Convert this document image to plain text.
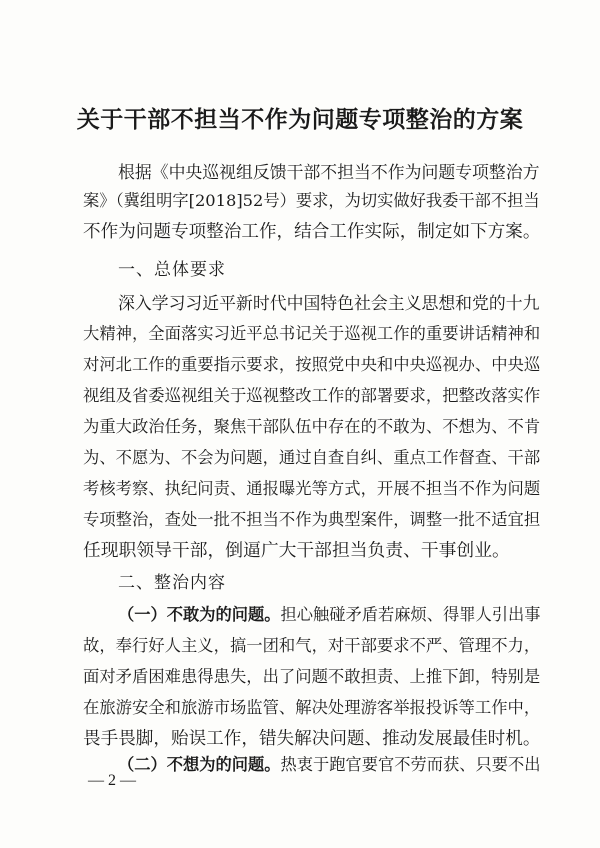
关于干部不担当不作为问题专项整治的方案
根据《中央巡视组反馈干部不担当不作为问题专项整治方
案》（冀组明字[2018]52号）要求，为切实做好我委干部不担当
不作为问题专项整治工作，结合工作实际，制定如下方案。
一、总体要求
深入学习习近平新时代中国特色社会主义思想和党的十九
大精神，全面落实习近平总书记关于巡视工作的重要讲话精神和
对河北工作的重要指示要求，按照党中央和中央巡视办、中央巡
视组及省委巡视组关于巡视整改工作的部署要求，把整改落实作
为重大政治任务，聚焦干部队伍中存在的不敢为、不想为、不肯
为、不愿为、不会为问题，通过自查自纠、重点工作督查、干部
考核考察、执纪问责、通报曝光等方式，开展不担当不作为问题
专项整治，查处一批不担当不作为典型案件，调整一批不适宜担
任现职领导干部，倒逼广大干部担当负责、干事创业。
二、整治内容
（一）不敢为的问题。担心触碰矛盾若麻烦、得罪人引出事
故，奉行好人主义，搞一团和气，对干部要求不严、管理不力，
面对矛盾困难患得患失，出了问题不敢担责、上推下卸，特别是
在旅游安全和旅游市场监管、解决处理游客举报投诉等工作中，
畏手畏脚，贻误工作，错失解决问题、推动发展最佳时机。
（二）不想为的问题。热衷于跑官要官不劳而获、只要不出
— 2 —
